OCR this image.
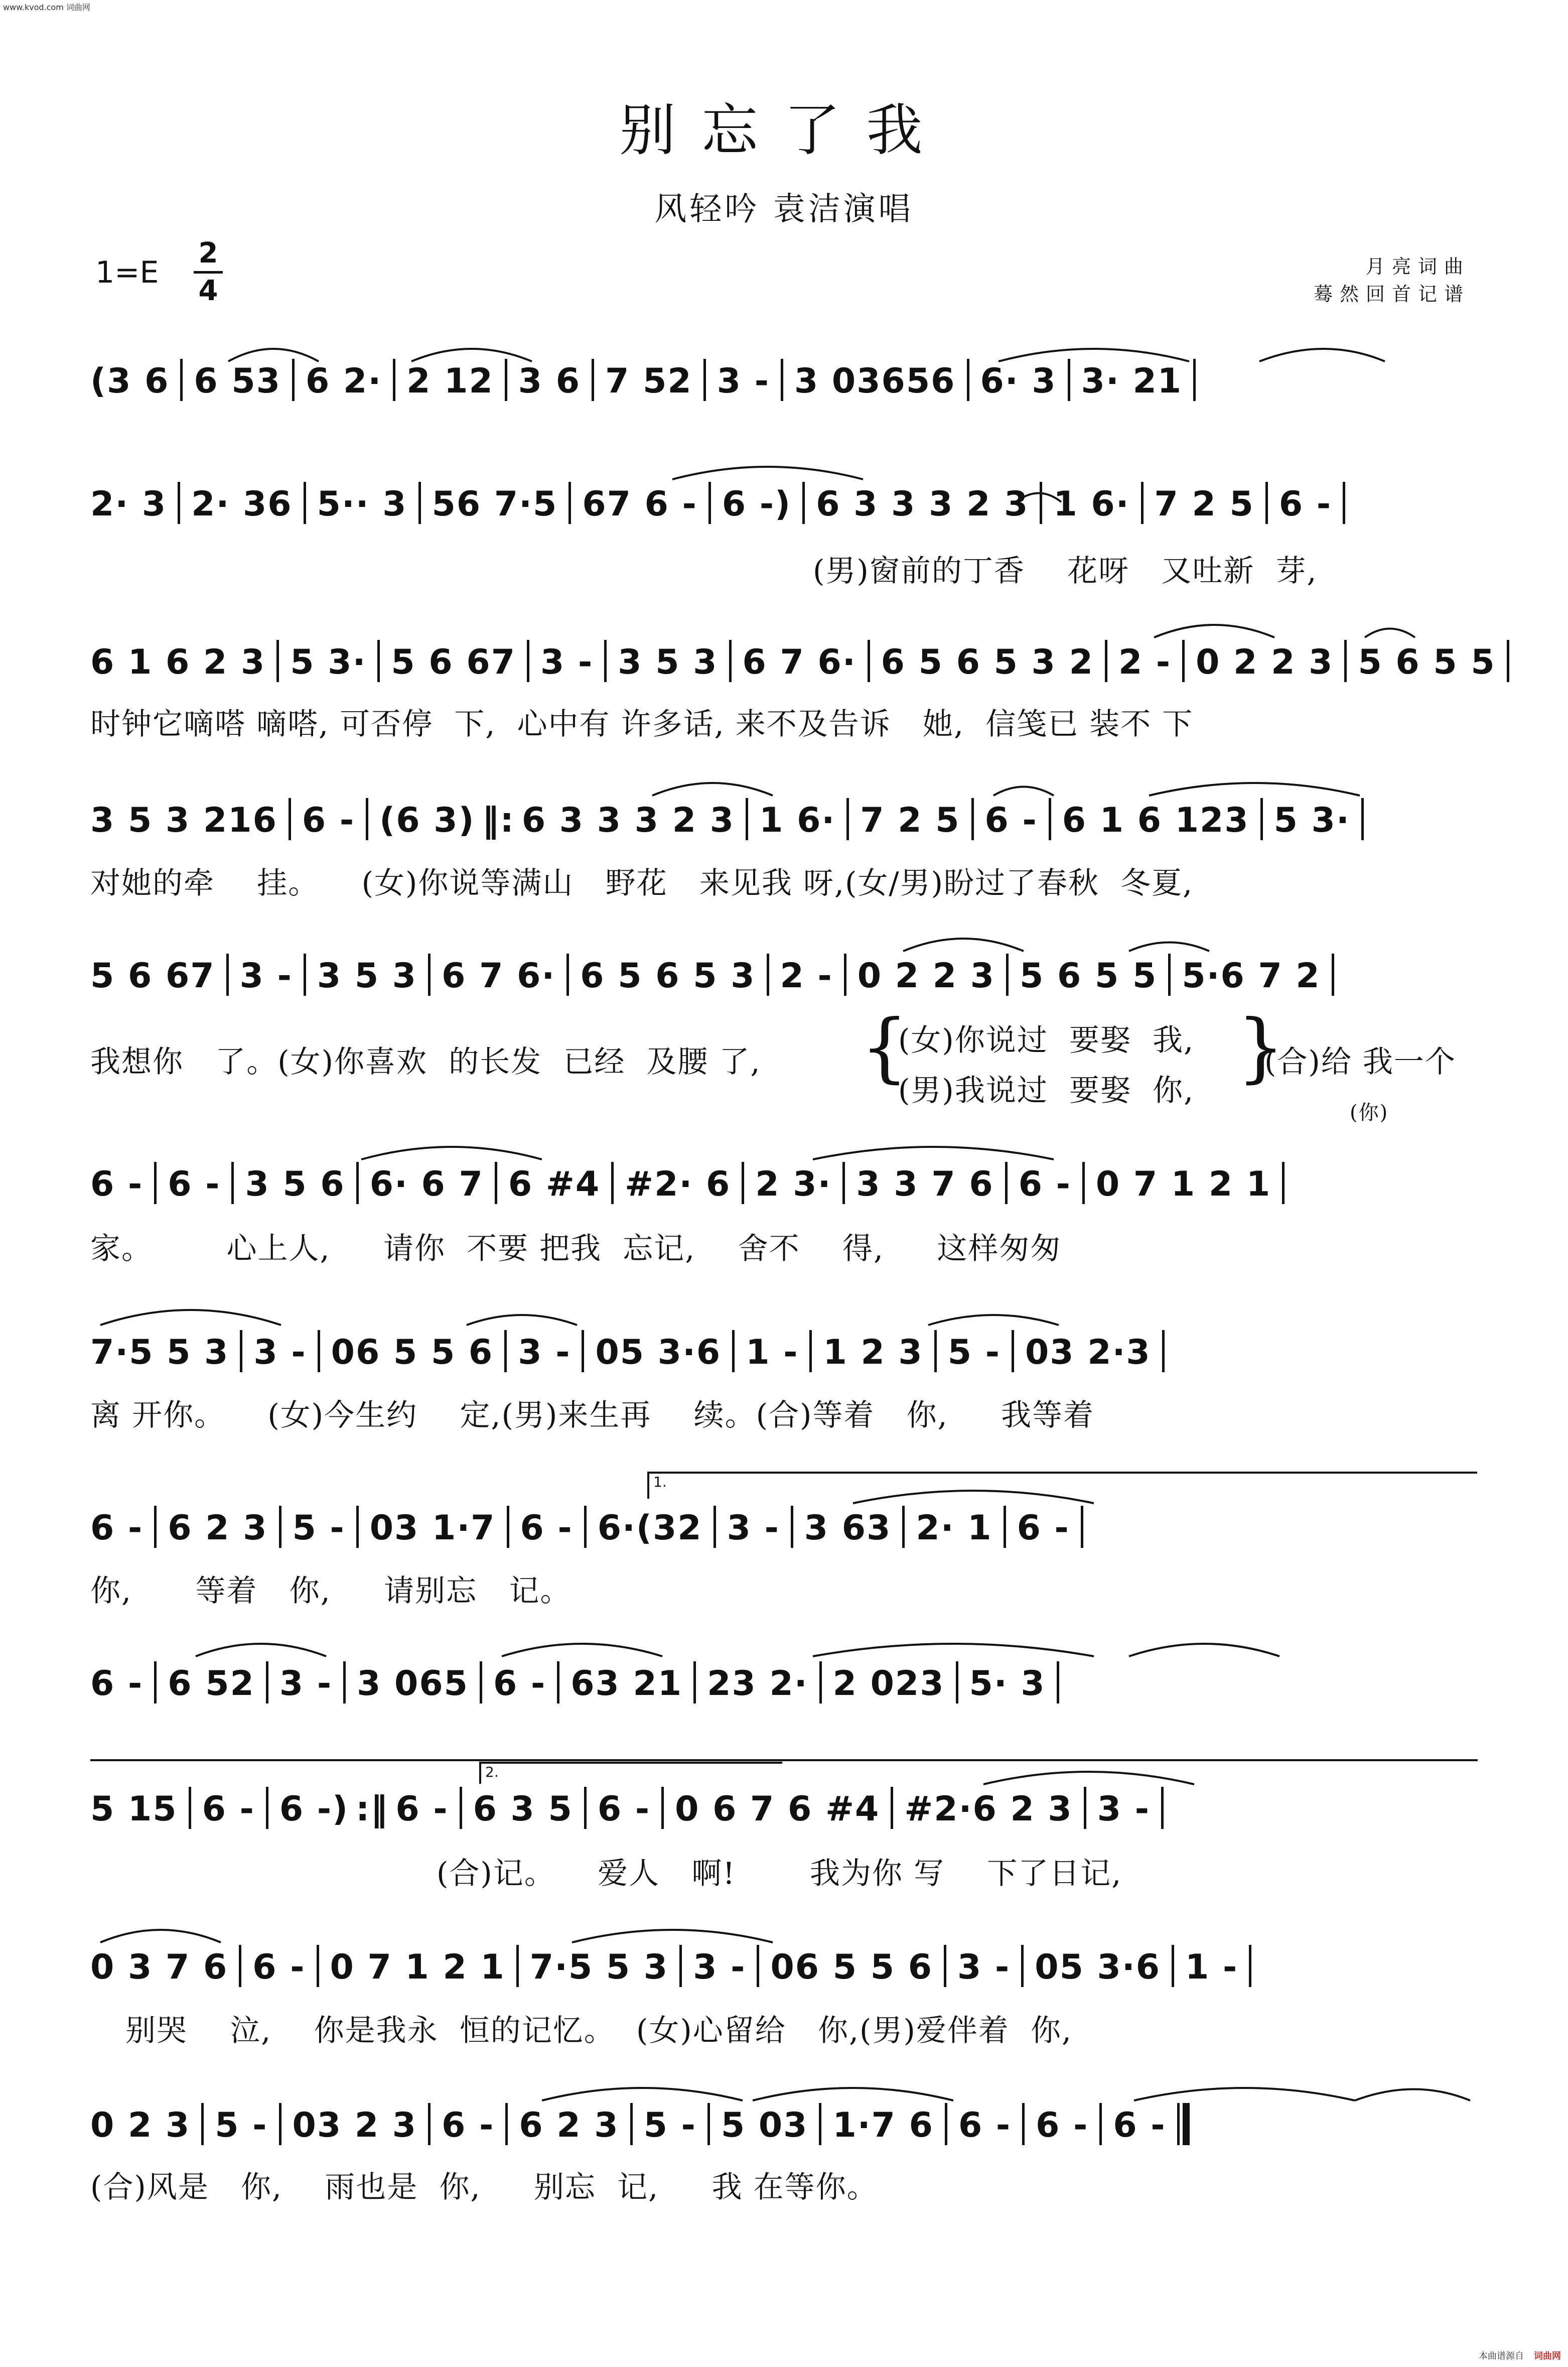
www.kvod.com 词曲网
别忘了我
风轻吟 袁洁演唱
1=E
2
4
月亮词曲
蓦然回首记谱
(3 6 6 53 6 2· 2 12 3 6 7 52 3 - 3 03656 6· 3 3· 21
2· 3 2· 36 5·· 3 56 7·5 67 6 - 6 -) 6 3 3 3 2 3 1 6· 7 2 5 6 -
(男)窗前的丁香    花呀   又吐新  芽,
6 1 6 2 3 5 3· 5 6 67 3 - 3 5 3 6 7 6· 6 5 6 5 3 2 2 - 0 2 2 3 5 6 5 5
时钟它嘀嗒 嘀嗒, 可否停  下,  心中有 许多话, 来不及告诉   她,  信笺已 装不 下
3 5 3 216 6 - (6 3) ‖: 6 3 3 3 2 3 1 6· 7 2 5 6 - 6 1 6 123 5 3·
对她的牵    挂。    (女)你说等满山   野花   来见我 呀,(女/男)盼过了春秋  冬夏,
5 6 67 3 - 3 5 3 6 7 6· 6 5 6 5 3 2 - 0 2 2 3 5 6 5 5 5·6 7 2
我想你   了。(女)你喜欢  的长发  已经  及腰 了,	{
(女)你说过  要娶  我,
(男)我说过  要娶  你, }
(合)给 我一个
(你)
6 - 6 - 3 5 6 6· 6 7 6 #4 #2· 6 2 3· 3 3 7 6 6 - 0 7 1 2 1
家。       心上人,     请你  不要 把我  忘记,    舍不    得,     这样匆匆
7·5 5 3 3 - 06 5 5 6 3 - 05 3·6 1 - 1 2 3 5 - 03 2·3
离 开你。    (女)今生约    定,(男)来生再    续。(合)等着   你,     我等着
1.
6 - 6 2 3 5 - 03 1·7 6 - 6·(32 3 - 3 63 2· 1 6 -
你,      等着   你,     请别忘   记。
6 - 6 52 3 - 3 065 6 - 63 21 23 2· 2 023 5· 3
2.
5 15 6 - 6 -) :‖ 6 - 6 3 5 6 - 0 6 7 6 #4 #2·6 2 3 3 -
(合)记。    爱人   啊!       我为你 写    下了日记,
0 3 7 6 6 - 0 7 1 2 1 7·5 5 3 3 - 06 5 5 6 3 - 05 3·6 1 -
别哭    泣,    你是我永  恒的记忆。  (女)心留给   你,(男)爱伴着  你,
0 2 3 5 - 03 2 3 6 - 6 2 3 5 - 5 03 1·7 6 6 - 6 - 6 -
(合)风是   你,    雨也是  你,     别忘  记,     我 在等你。
本曲谱源自 词曲网
